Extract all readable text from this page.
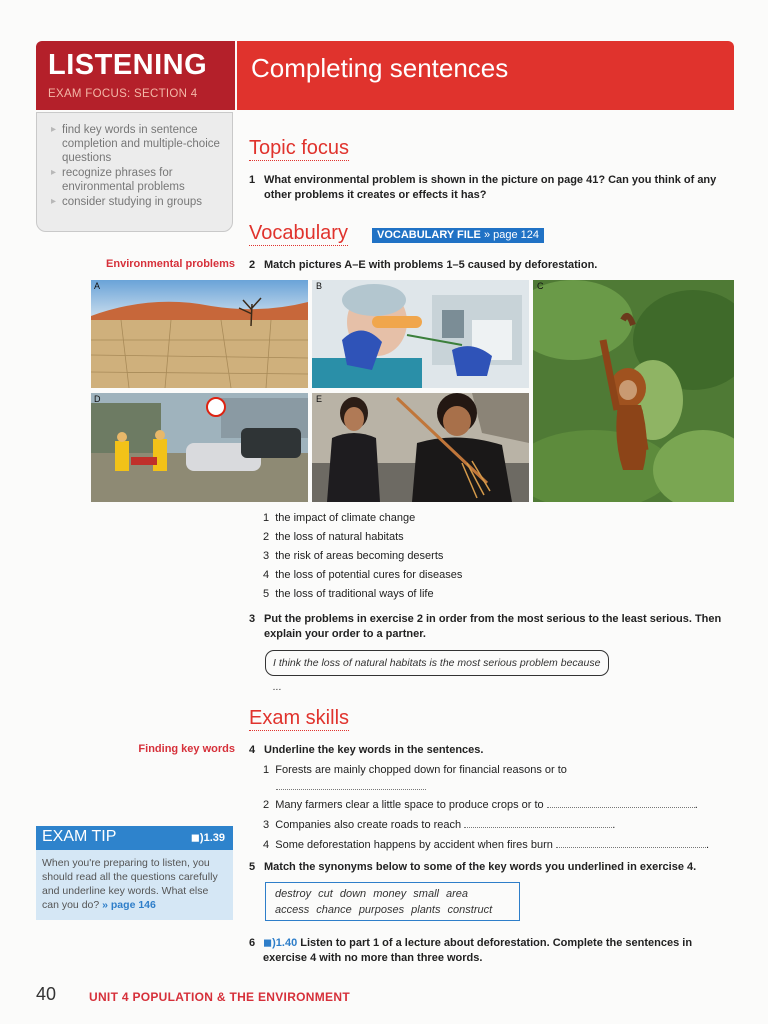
LISTENING
EXAM FOCUS: SECTION 4
Completing sentences
▸ find key words in sentence completion and multiple-choice questions
▸ recognize phrases for environmental problems
▸ consider studying in groups
Topic focus
1 What environmental problem is shown in the picture on page 41? Can you think of any other problems it creates or effects it has?
Vocabulary	VOCABULARY FILE » page 124
Environmental problems 2 Match pictures A–E with problems 1–5 caused by deforestation.
A	B	C
D	E
1 the impact of climate change
2 the loss of natural habitats
3 the risk of areas becoming deserts
4 the loss of potential cures for diseases
5 the loss of traditional ways of life
3 Put the problems in exercise 2 in order from the most serious to the least serious. Then explain your order to a partner.
I think the loss of natural habitats is the most serious problem because ...
Exam skills
Finding key words 4 Underline the key words in the sentences.
1 Forests are mainly chopped down for financial reasons or to
2 Many farmers clear a little space to produce crops or to	.
3 Companies also create roads to reach	.
4 Some deforestation happens by accident when fires burn	.
5 Match the synonyms below to some of the key words you underlined in exercise 4.
destroy cut down money small area
access chance purposes plants construct
6 ◼)1.40 Listen to part 1 of a lecture about deforestation. Complete the sentences in exercise 4 with no more than three words.
EXAM TIP	◼)1.39
When you're preparing to listen, you should read all the questions carefully and underline key words. What else can you do? » page 146
40	UNIT 4 POPULATION & THE ENVIRONMENT
